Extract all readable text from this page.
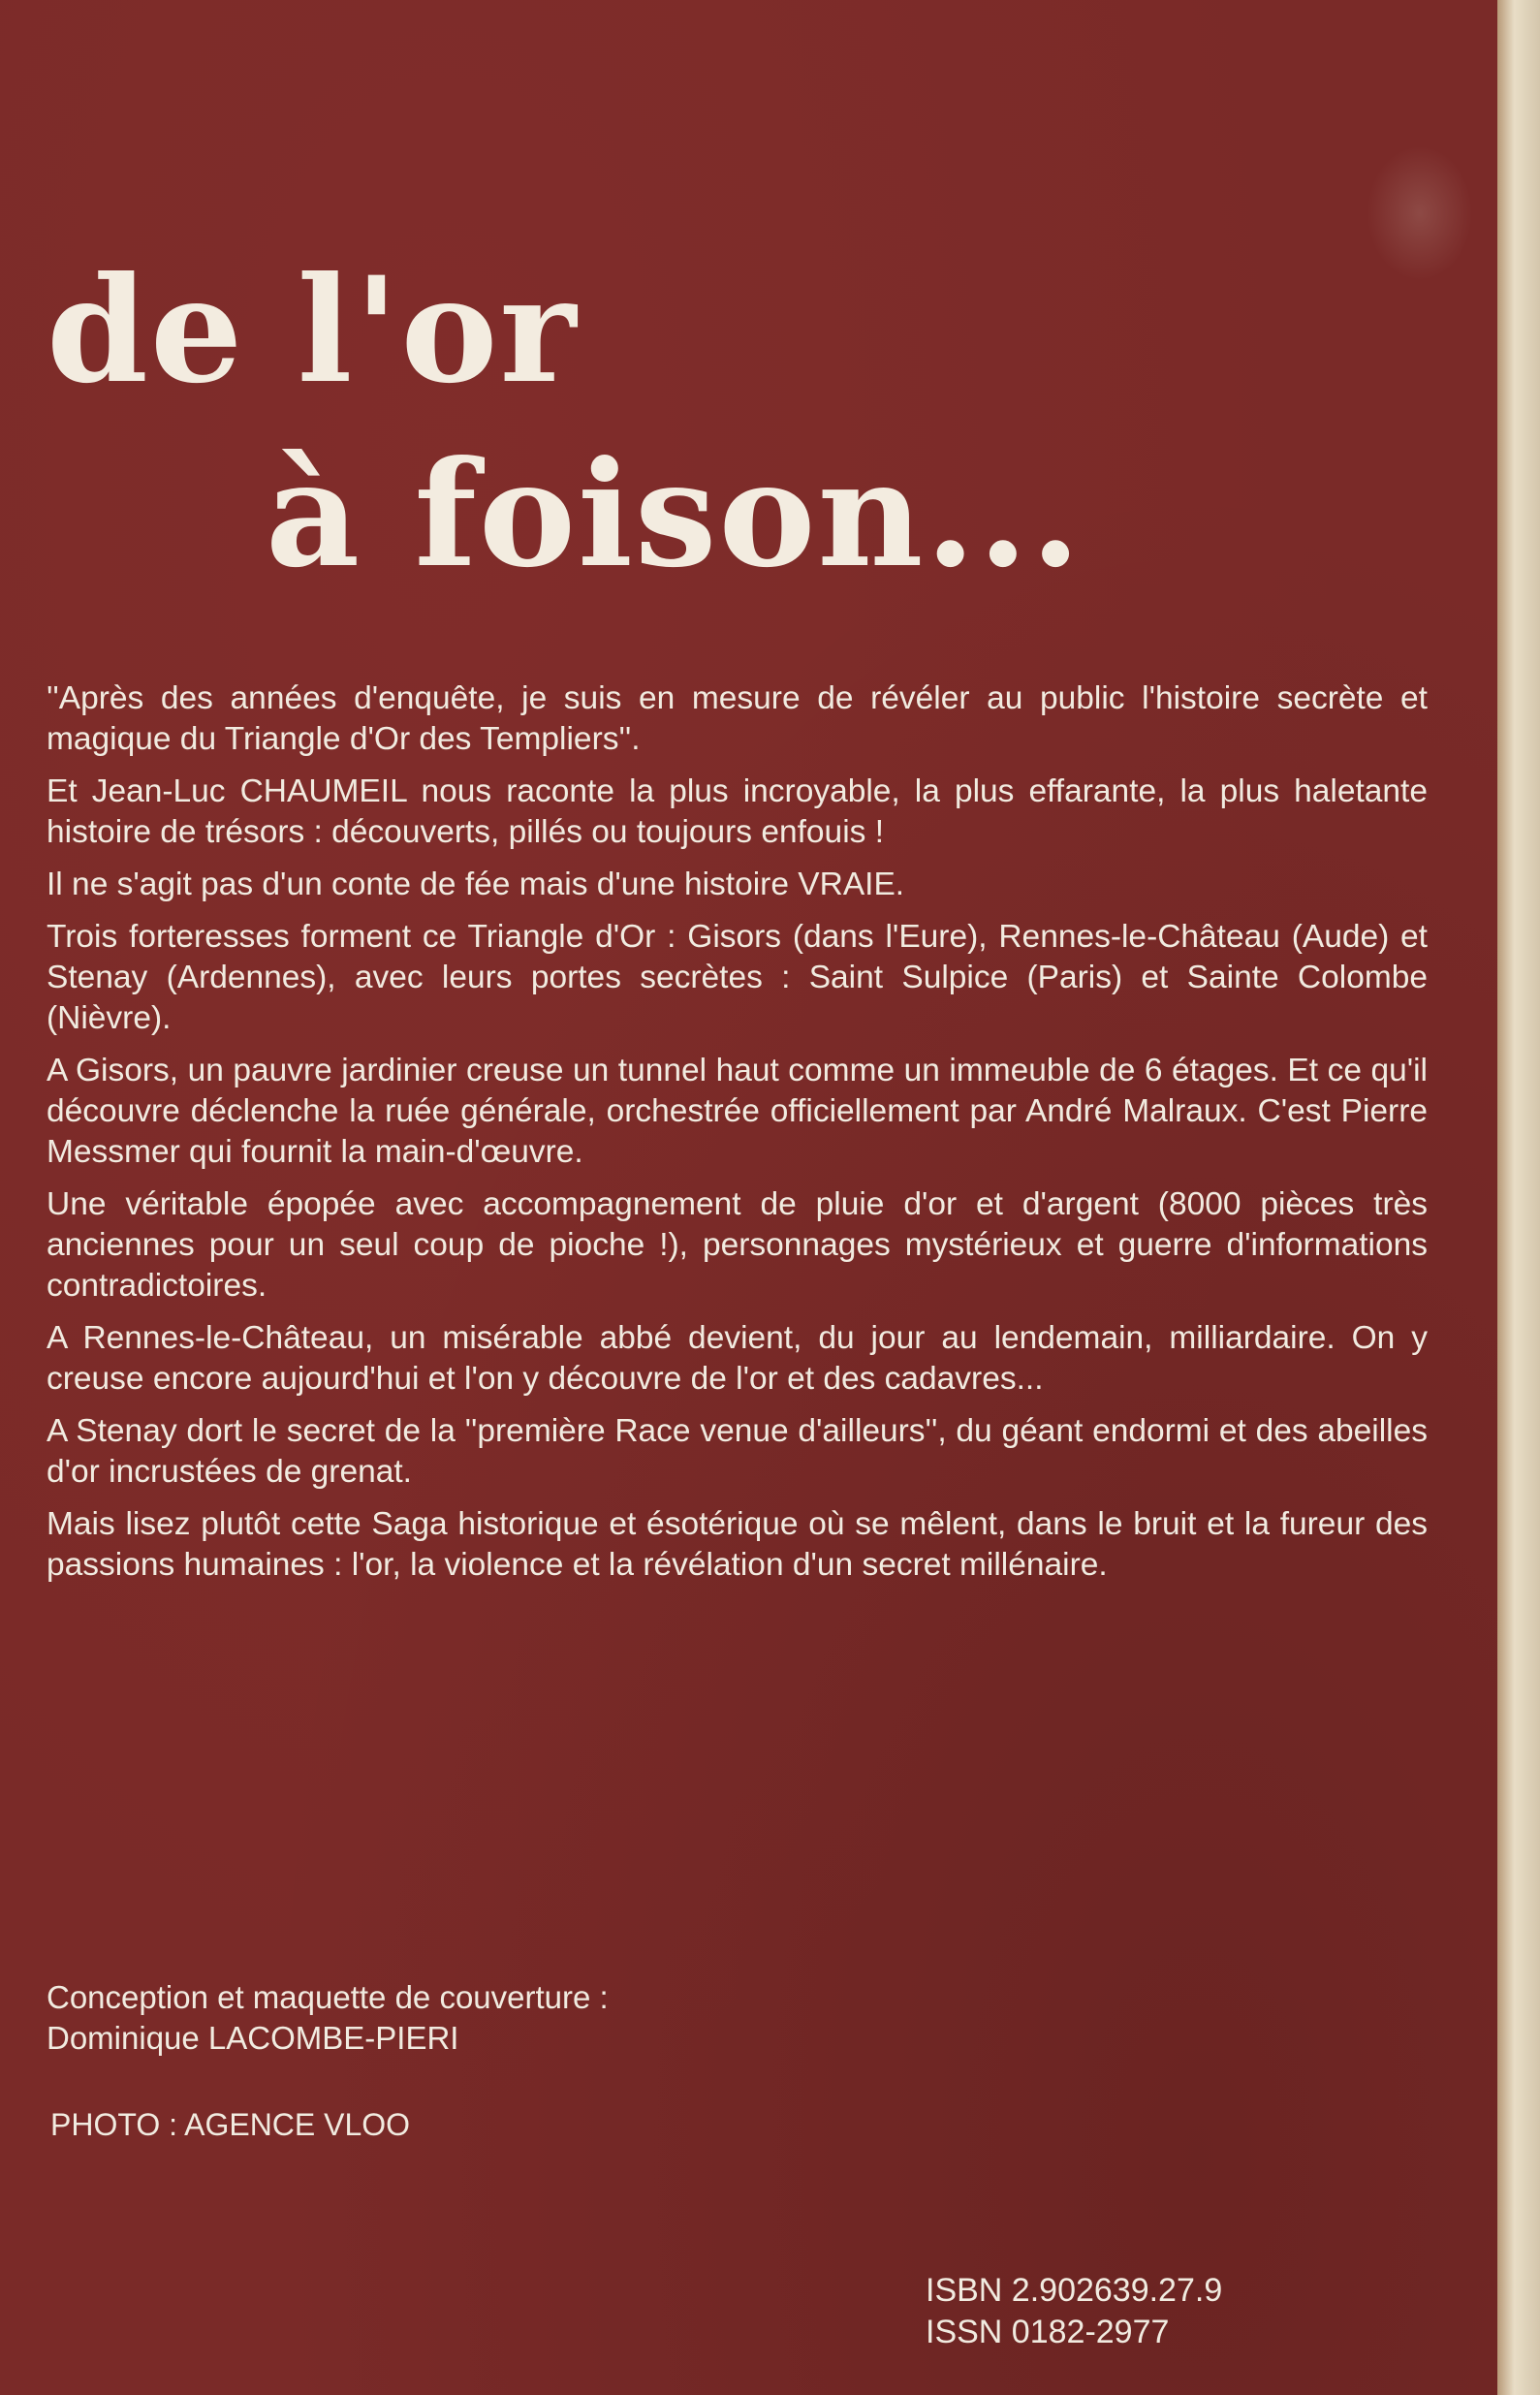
de l'or
à foison...

''Après des années d'enquête, je suis en mesure de révéler au public l'histoire secrète et magique du Triangle d'Or des Templiers''.

Et Jean-Luc CHAUMEIL nous raconte la plus incroyable, la plus effarante, la plus haletante histoire de trésors : découverts, pillés ou toujours enfouis !

Il ne s'agit pas d'un conte de fée mais d'une histoire VRAIE.

Trois forteresses forment ce Triangle d'Or : Gisors (dans l'Eure), Rennes-le-Château (Aude) et Stenay (Ardennes), avec leurs portes secrètes : Saint Sulpice (Paris) et Sainte Colombe (Nièvre).

A Gisors, un pauvre jardinier creuse un tunnel haut comme un immeuble de 6 étages. Et ce qu'il découvre déclenche la ruée générale, orchestrée officiellement par André Malraux. C'est Pierre Messmer qui fournit la main-d'œuvre.

Une véritable épopée avec accompagnement de pluie d'or et d'argent (8000 pièces très anciennes pour un seul coup de pioche !), personnages mystérieux et guerre d'informations contradictoires.

A Rennes-le-Château, un misérable abbé devient, du jour au lendemain, milliardaire. On y creuse encore aujourd'hui et l'on y découvre de l'or et des cadavres...

A Stenay dort le secret de la ''première Race venue d'ailleurs'', du géant endormi et des abeilles d'or incrustées de grenat.

Mais lisez plutôt cette Saga historique et ésotérique où se mêlent, dans le bruit et la fureur des passions humaines : l'or, la violence et la révélation d'un secret millénaire.

Conception et maquette de couverture :
Dominique LACOMBE-PIERI
PHOTO : AGENCE VLOO
ISBN 2.902639.27.9
ISSN 0182-2977
